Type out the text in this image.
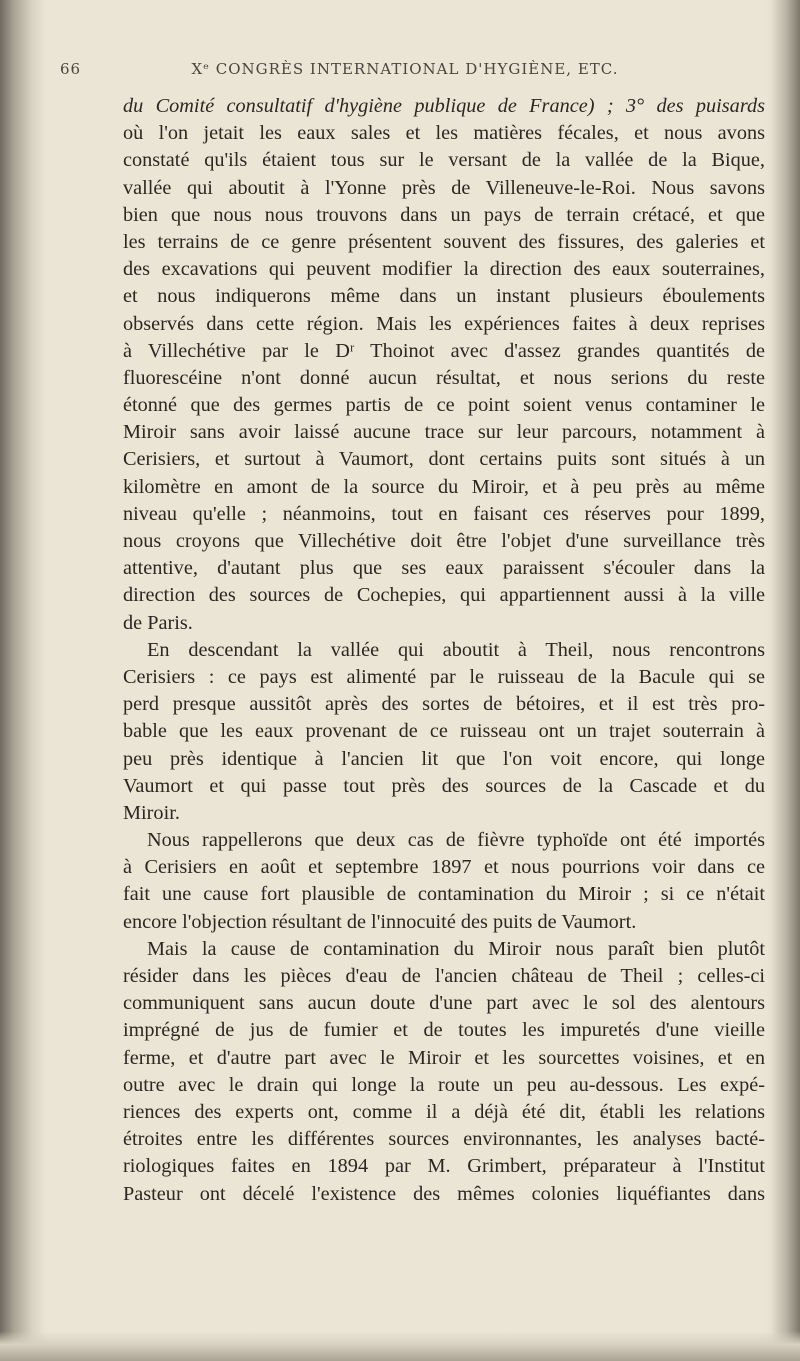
66	Xᵉ CONGRÈS INTERNATIONAL D'HYGIÈNE, ETC.
du Comité consultatif d'hygiène publique de France) ; 3° des puisards
où l'on jetait les eaux sales et les matières fécales, et nous avons
constaté qu'ils étaient tous sur le versant de la vallée de la Bique,
vallée qui aboutit à l'Yonne près de Villeneuve-le-Roi. Nous savons
bien que nous nous trouvons dans un pays de terrain crétacé, et que
les terrains de ce genre présentent souvent des fissures, des galeries et
des excavations qui peuvent modifier la direction des eaux souterraines,
et nous indiquerons même dans un instant plusieurs éboulements
observés dans cette région. Mais les expériences faites à deux reprises
à Villechétive par le Dʳ Thoinot avec d'assez grandes quantités de
fluorescéine n'ont donné aucun résultat, et nous serions du reste
étonné que des germes partis de ce point soient venus contaminer le
Miroir sans avoir laissé aucune trace sur leur parcours, notamment à
Cerisiers, et surtout à Vaumort, dont certains puits sont situés à un
kilomètre en amont de la source du Miroir, et à peu près au même
niveau qu'elle ; néanmoins, tout en faisant ces réserves pour 1899,
nous croyons que Villechétive doit être l'objet d'une surveillance très
attentive, d'autant plus que ses eaux paraissent s'écouler dans la
direction des sources de Cochepies, qui appartiennent aussi à la ville
de Paris.
En descendant la vallée qui aboutit à Theil, nous rencontrons
Cerisiers : ce pays est alimenté par le ruisseau de la Bacule qui se
perd presque aussitôt après des sortes de bétoires, et il est très pro-
bable que les eaux provenant de ce ruisseau ont un trajet souterrain à
peu près identique à l'ancien lit que l'on voit encore, qui longe
Vaumort et qui passe tout près des sources de la Cascade et du
Miroir.
Nous rappellerons que deux cas de fièvre typhoïde ont été importés
à Cerisiers en août et septembre 1897 et nous pourrions voir dans ce
fait une cause fort plausible de contamination du Miroir ; si ce n'était
encore l'objection résultant de l'innocuité des puits de Vaumort.
Mais la cause de contamination du Miroir nous paraît bien plutôt
résider dans les pièces d'eau de l'ancien château de Theil ; celles-ci
communiquent sans aucun doute d'une part avec le sol des alentours
imprégné de jus de fumier et de toutes les impuretés d'une vieille
ferme, et d'autre part avec le Miroir et les sourcettes voisines, et en
outre avec le drain qui longe la route un peu au-dessous. Les expé-
riences des experts ont, comme il a déjà été dit, établi les relations
étroites entre les différentes sources environnantes, les analyses bacté-
riologiques faites en 1894 par M. Grimbert, préparateur à l'Institut
Pasteur ont décelé l'existence des mêmes colonies liquéfiantes dans
